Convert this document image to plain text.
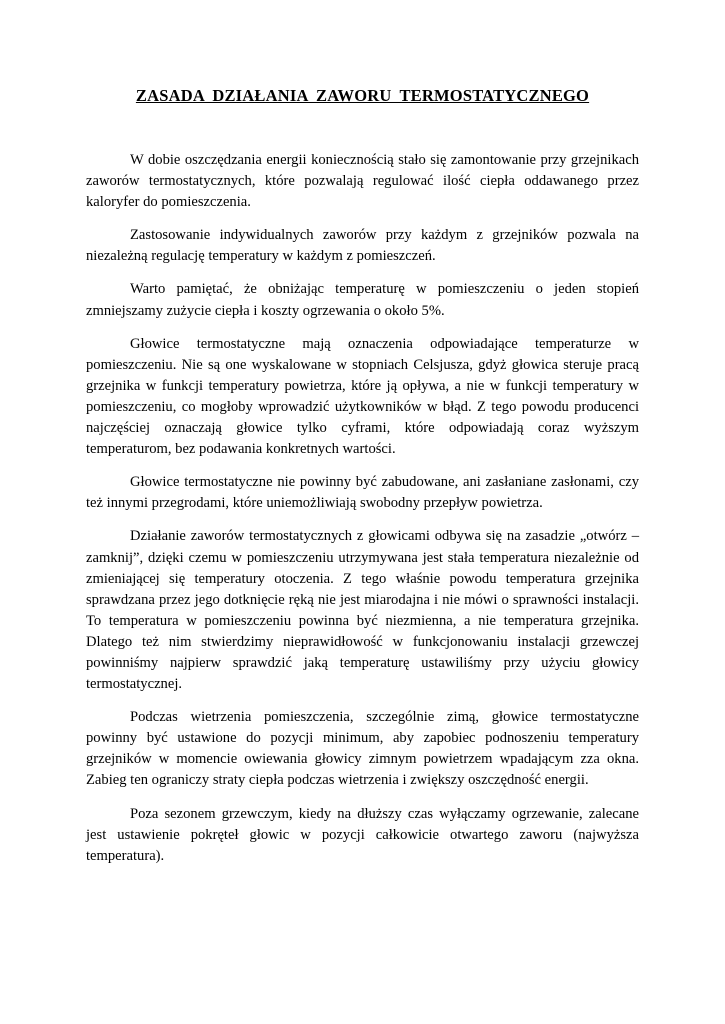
ZASADA DZIAŁANIA ZAWORU TERMOSTATYCZNEGO

W dobie oszczędzania energii koniecznością stało się zamontowanie przy grzejnikach zaworów termostatycznych, które pozwalają regulować ilość ciepła oddawanego przez kaloryfer do pomieszczenia.

Zastosowanie indywidualnych zaworów przy każdym z grzejników pozwala na niezależną regulację temperatury w każdym z pomieszczeń.

Warto pamiętać, że obniżając temperaturę w pomieszczeniu o jeden stopień zmniejszamy zużycie ciepła i koszty ogrzewania o około 5%.

Głowice termostatyczne mają oznaczenia odpowiadające temperaturze w pomieszczeniu. Nie są one wyskalowane w stopniach Celsjusza, gdyż głowica steruje pracą grzejnika w funkcji temperatury powietrza, które ją opływa, a nie w funkcji temperatury w pomieszczeniu, co mogłoby wprowadzić użytkowników w błąd. Z tego powodu producenci najczęściej oznaczają głowice tylko cyframi, które odpowiadają coraz wyższym temperaturom, bez podawania konkretnych wartości.

Głowice termostatyczne nie powinny być zabudowane, ani zasłaniane zasłonami, czy też innymi przegrodami, które uniemożliwiają swobodny przepływ powietrza.

Działanie zaworów termostatycznych z głowicami odbywa się na zasadzie „otwórz – zamknij”, dzięki czemu w pomieszczeniu utrzymywana jest stała temperatura niezależnie od zmieniającej się temperatury otoczenia. Z tego właśnie powodu temperatura grzejnika sprawdzana przez jego dotknięcie ręką nie jest miarodajna i nie mówi o sprawności instalacji. To temperatura w pomieszczeniu powinna być niezmienna, a nie temperatura grzejnika. Dlatego też nim stwierdzimy nieprawidłowość w funkcjonowaniu instalacji grzewczej powinniśmy najpierw sprawdzić jaką temperaturę ustawiliśmy przy użyciu głowicy termostatycznej.

Podczas wietrzenia pomieszczenia, szczególnie zimą, głowice termostatyczne powinny być ustawione do pozycji minimum, aby zapobiec podnoszeniu temperatury grzejników w momencie owiewania głowicy zimnym powietrzem wpadającym zza okna. Zabieg ten ograniczy straty ciepła podczas wietrzenia i zwiększy oszczędność energii.

Poza sezonem grzewczym, kiedy na dłuższy czas wyłączamy ogrzewanie, zalecane jest ustawienie pokręteł głowic w pozycji całkowicie otwartego zaworu (najwyższa temperatura).
